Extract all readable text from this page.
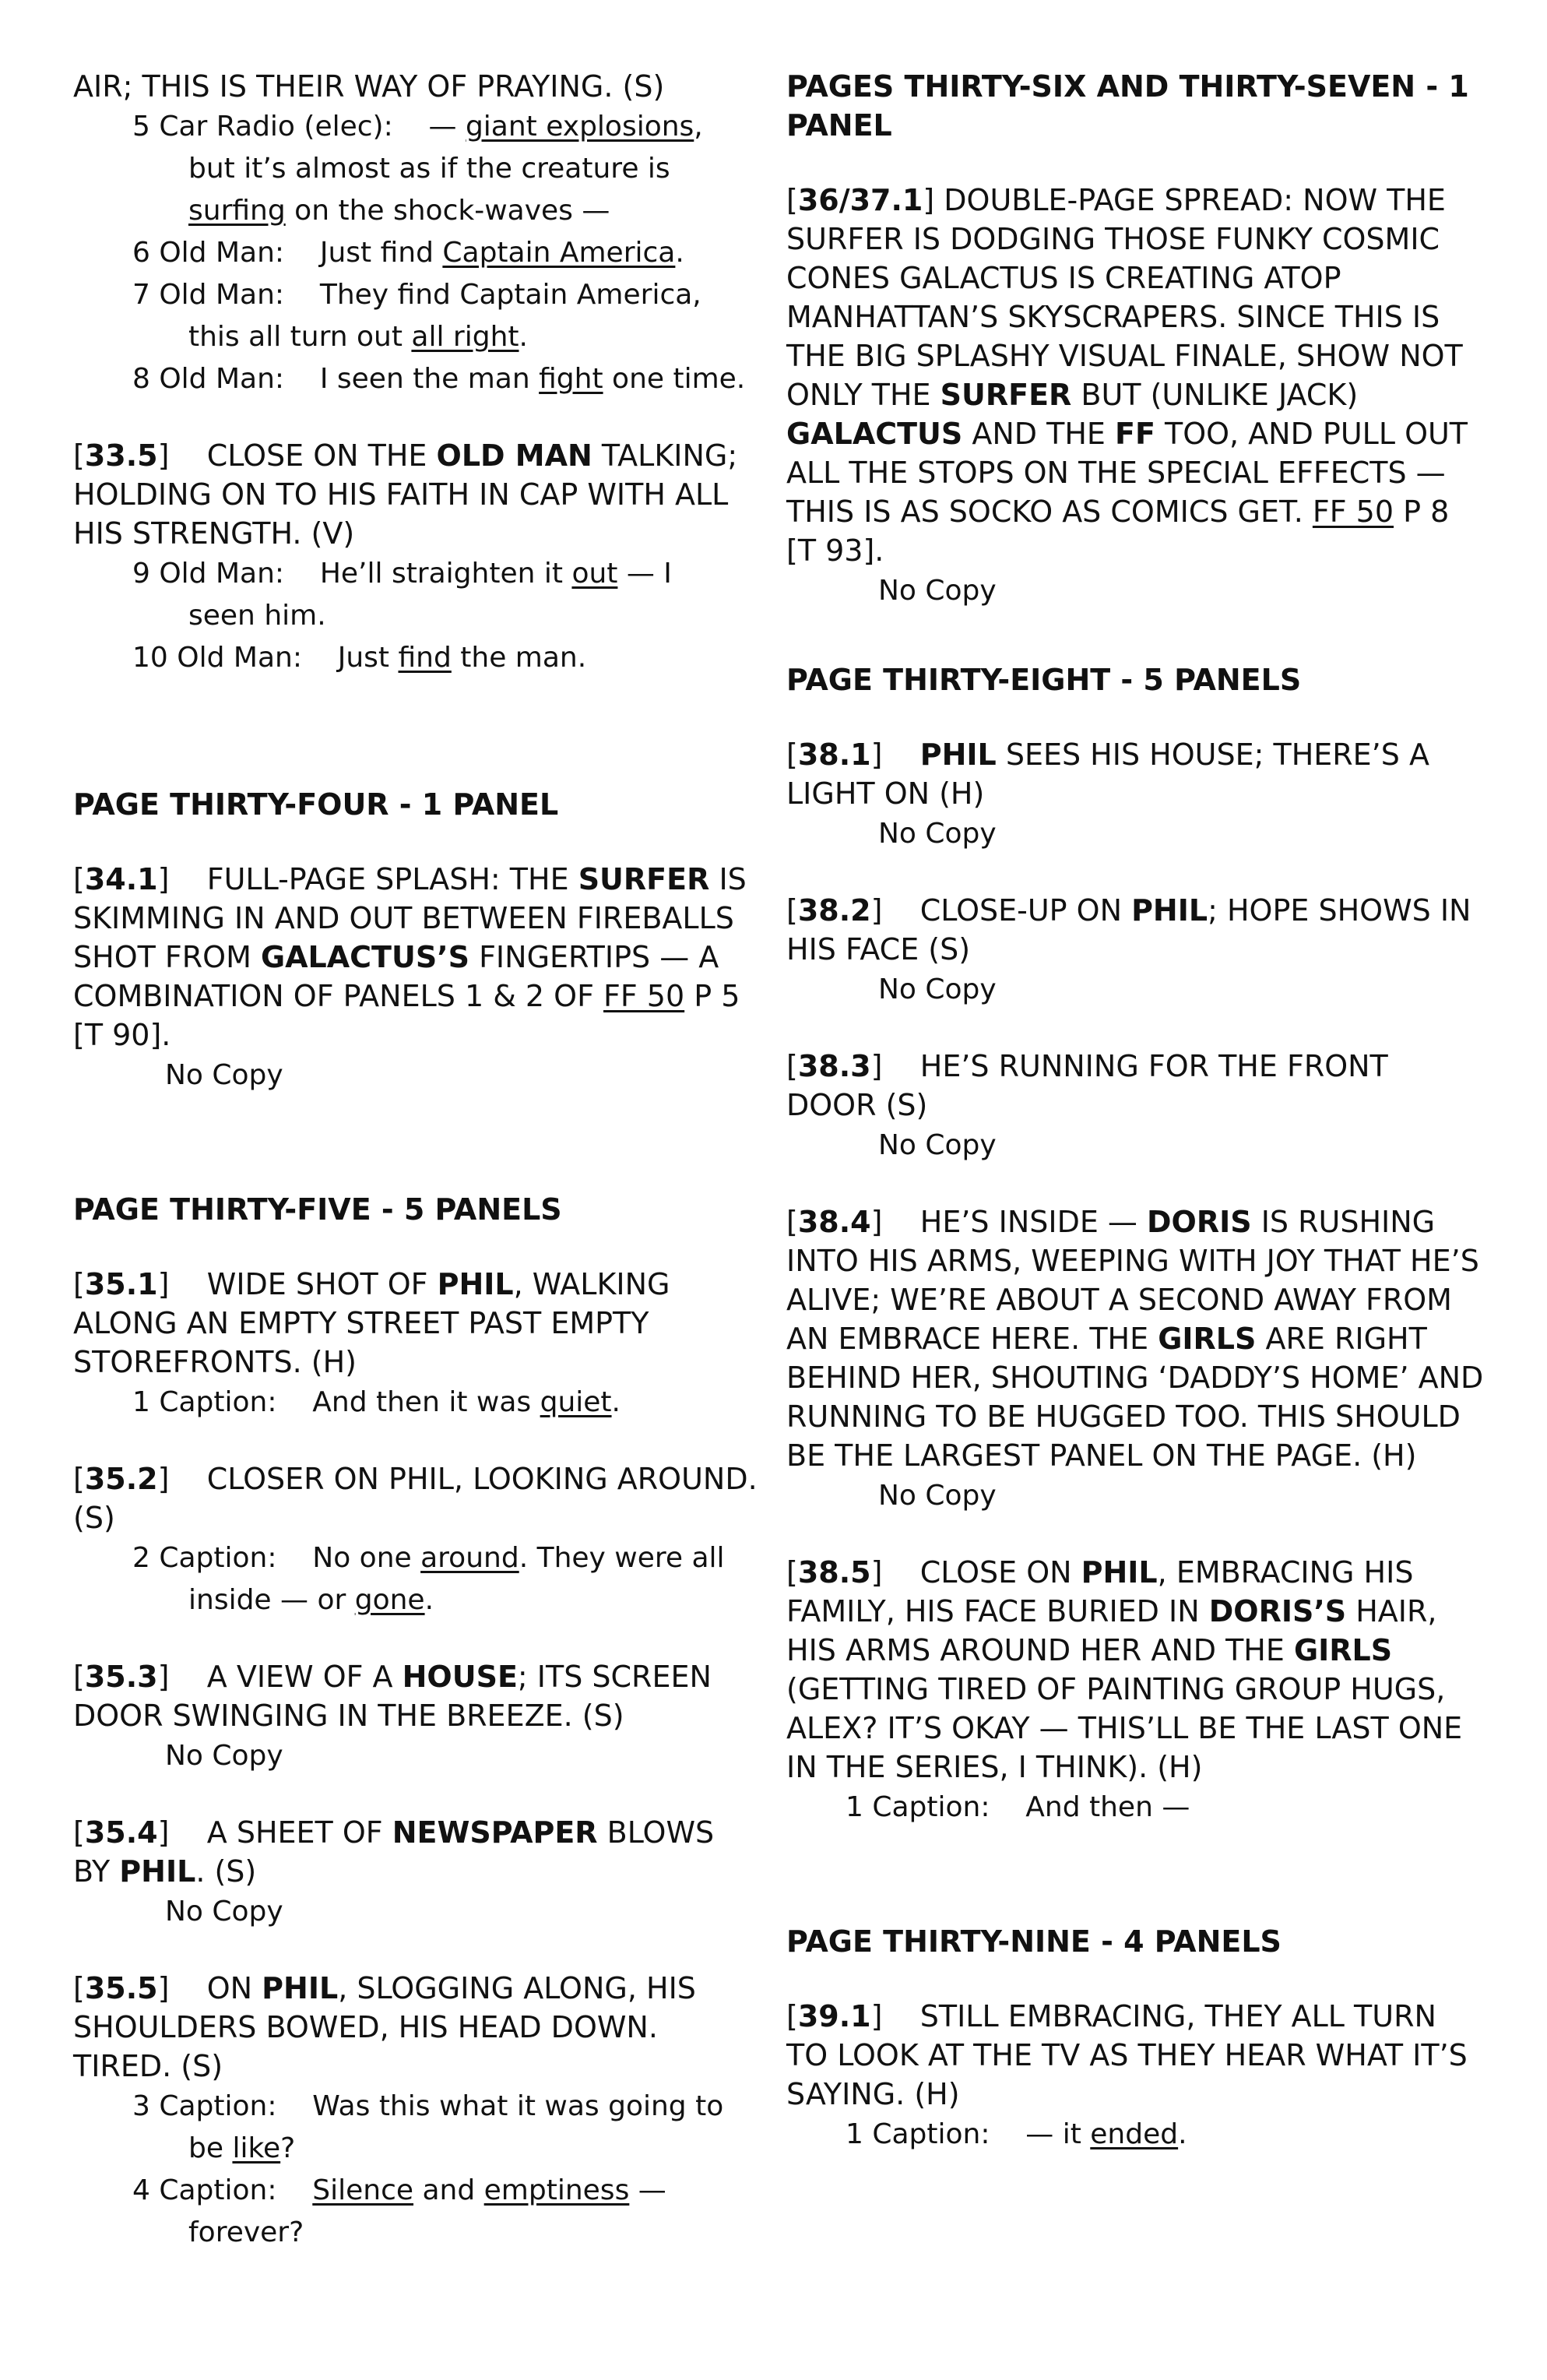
AIR; THIS IS THEIR WAY OF PRAYING. (S)
5 Car Radio (elec): — giant explosions,
but it’s almost as if the creature is
surfing on the shock-waves —
6 Old Man: Just find Captain America.
7 Old Man: They find Captain America,
this all turn out all right.
8 Old Man: I seen the man fight one time.
[33.5]    CLOSE ON THE OLD MAN TALKING; HOLDING ON TO HIS FAITH IN CAP WITH ALL HIS STRENGTH. (V)
9 Old Man: He’ll straighten it out — I
seen him.
10 Old Man: Just find the man.
PAGE THIRTY-FOUR - 1 PANEL
[34.1]    FULL-PAGE SPLASH: THE SURFER IS SKIMMING IN AND OUT BETWEEN FIREBALLS SHOT FROM GALACTUS’S FINGERTIPS — A COMBINATION OF PANELS 1 & 2 OF FF 50 P 5 [T 90].
No Copy
PAGE THIRTY-FIVE - 5 PANELS
[35.1]    WIDE SHOT OF PHIL, WALKING ALONG AN EMPTY STREET PAST EMPTY STOREFRONTS. (H)
1 Caption: And then it was quiet.
[35.2]    CLOSER ON PHIL, LOOKING AROUND. (S)
2 Caption: No one around. They were all
inside — or gone.
[35.3]    A VIEW OF A HOUSE; ITS SCREEN DOOR SWINGING IN THE BREEZE. (S)
No Copy
[35.4]    A SHEET OF NEWSPAPER BLOWS BY PHIL. (S)
No Copy
[35.5]    ON PHIL, SLOGGING ALONG, HIS SHOULDERS BOWED, HIS HEAD DOWN. TIRED. (S)
3 Caption: Was this what it was going to
be like?
4 Caption: Silence and emptiness —
forever?
PAGES THIRTY-SIX AND THIRTY-SEVEN - 1 PANEL
[36/37.1] DOUBLE-PAGE SPREAD: NOW THE SURFER IS DODGING THOSE FUNKY COSMIC CONES GALACTUS IS CREATING ATOP MANHATTAN’S SKYSCRAPERS. SINCE THIS IS THE BIG SPLASHY VISUAL FINALE, SHOW NOT ONLY THE SURFER BUT (UNLIKE JACK) GALACTUS AND THE FF TOO, AND PULL OUT ALL THE STOPS ON THE SPECIAL EFFECTS — THIS IS AS SOCKO AS COMICS GET. FF 50 P 8 [T 93].
No Copy
PAGE THIRTY-EIGHT - 5 PANELS
[38.1]    PHIL SEES HIS HOUSE; THERE’S A LIGHT ON (H)
No Copy
[38.2]    CLOSE-UP ON PHIL; HOPE SHOWS IN HIS FACE (S)
No Copy
[38.3]    HE’S RUNNING FOR THE FRONT DOOR (S)
No Copy
[38.4]    HE’S INSIDE — DORIS IS RUSHING INTO HIS ARMS, WEEPING WITH JOY THAT HE’S ALIVE; WE’RE ABOUT A SECOND AWAY FROM AN EMBRACE HERE. THE GIRLS ARE RIGHT BEHIND HER, SHOUTING ‘DADDY’S HOME’ AND RUNNING TO BE HUGGED TOO. THIS SHOULD BE THE LARGEST PANEL ON THE PAGE. (H)
No Copy
[38.5]    CLOSE ON PHIL, EMBRACING HIS FAMILY, HIS FACE BURIED IN DORIS’S HAIR, HIS ARMS AROUND HER AND THE GIRLS (GETTING TIRED OF PAINTING GROUP HUGS, ALEX? IT’S OKAY — THIS’LL BE THE LAST ONE IN THE SERIES, I THINK). (H)
1 Caption: And then —
PAGE THIRTY-NINE - 4 PANELS
[39.1]    STILL EMBRACING, THEY ALL TURN TO LOOK AT THE TV AS THEY HEAR WHAT IT’S SAYING. (H)
1 Caption: — it ended.
